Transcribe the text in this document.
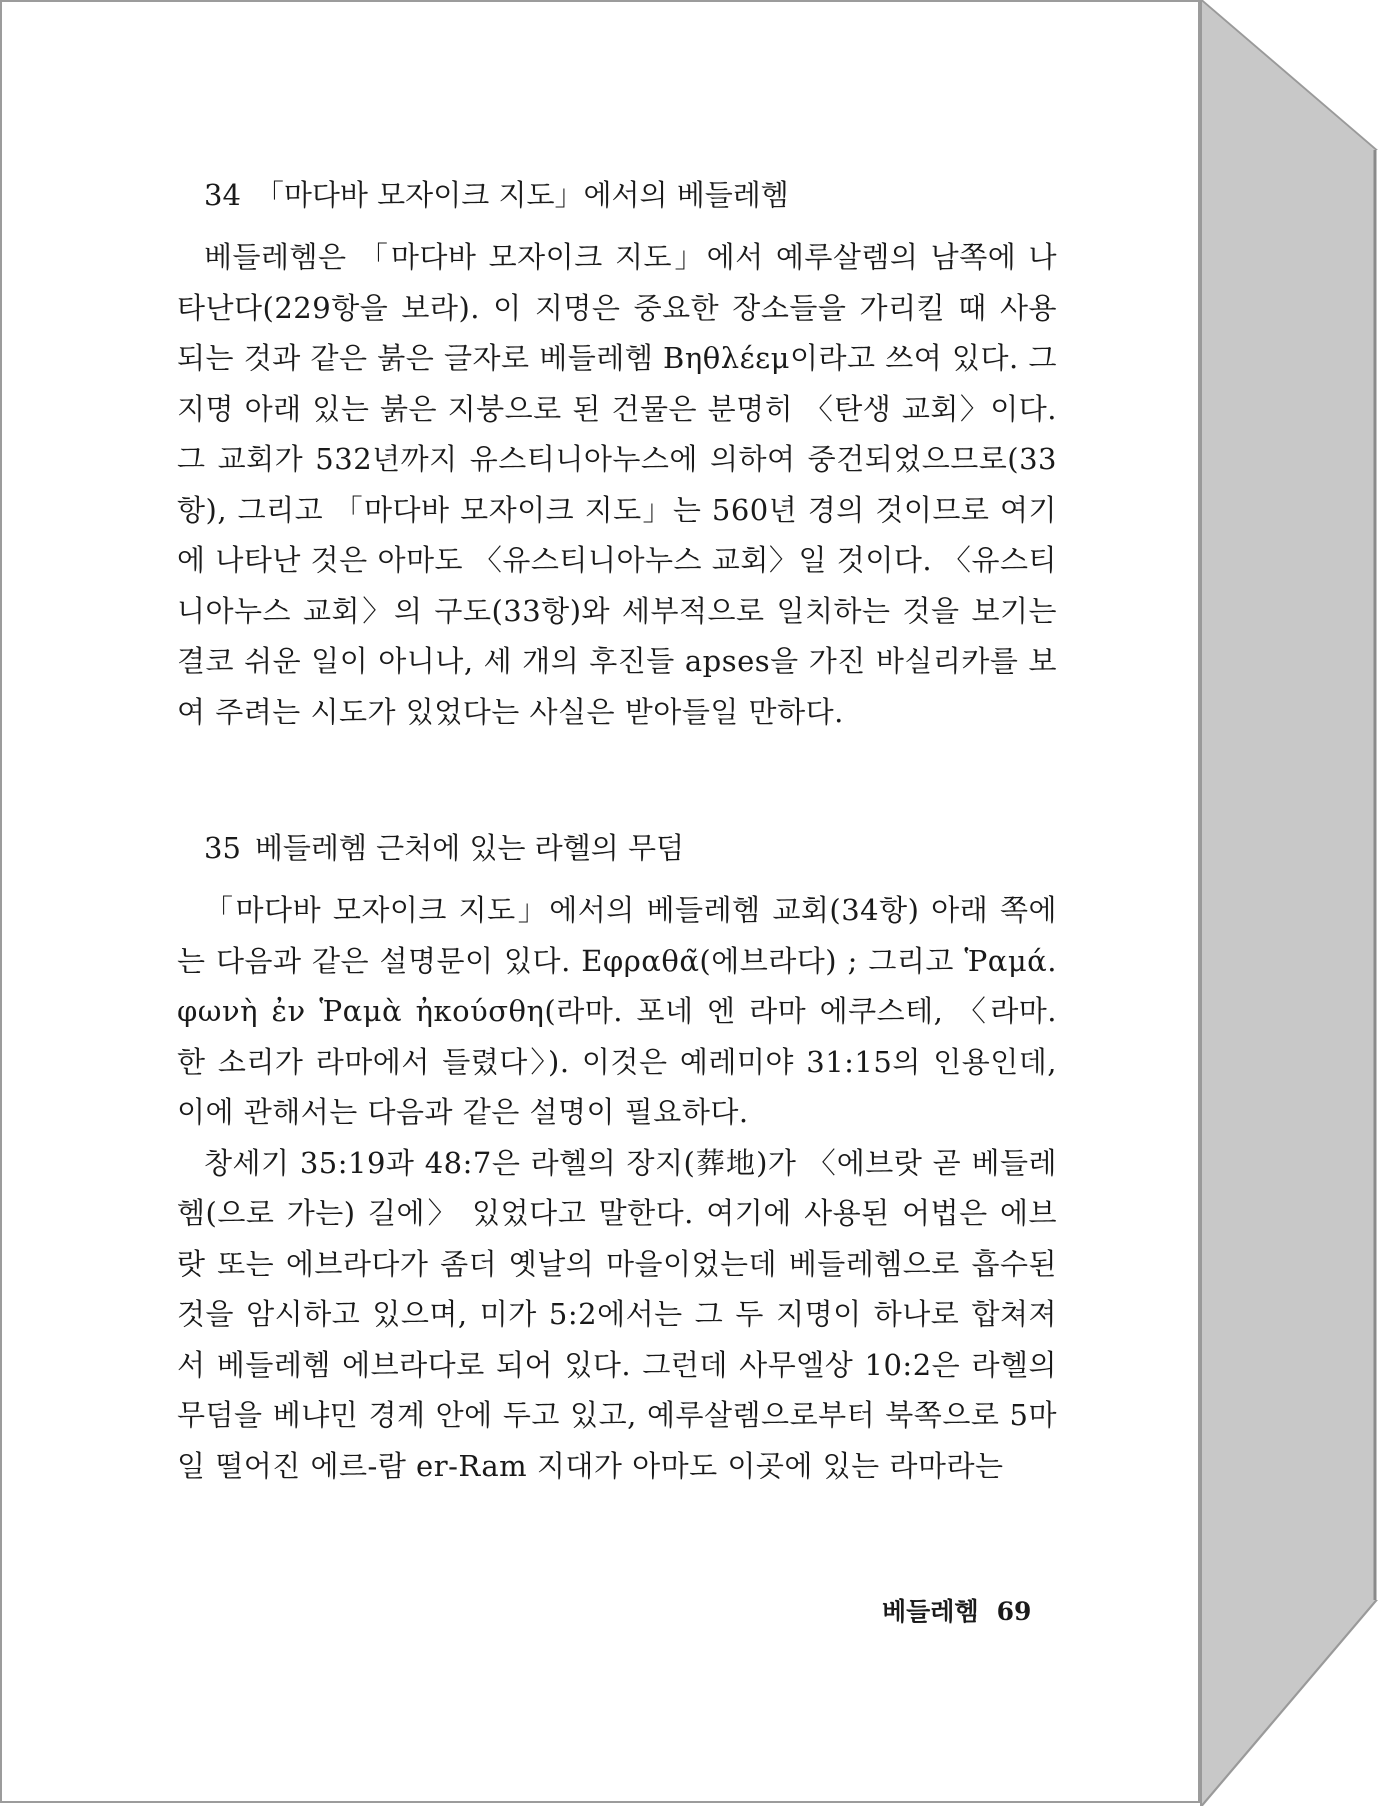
34 「마다바 모자이크 지도」에서의 베들레헴

베들레헴은 「마다바 모자이크 지도」에서 예루살렘의 남쪽에 나타난다(229항을 보라). 이 지명은 중요한 장소들을 가리킬 때 사용되는 것과 같은 붉은 글자로 베들레헴 Βηθλέεμ이라고 쓰여 있다. 그 지명 아래 있는 붉은 지붕으로 된 건물은 분명히 〈탄생 교회〉이다. 그 교회가 532년까지 유스티니아누스에 의하여 중건되었으므로(33항), 그리고 「마다바 모자이크 지도」는 560년 경의 것이므로 여기에 나타난 것은 아마도 〈유스티니아누스 교회〉일 것이다. 〈유스티니아누스 교회〉의 구도(33항)와 세부적으로 일치하는 것을 보기는 결코 쉬운 일이 아니나, 세 개의 후진들 apses을 가진 바실리카를 보여 주려는 시도가 있었다는 사실은 받아들일 만하다.

35 베들레헴 근처에 있는 라헬의 무덤

「마다바 모자이크 지도」에서의 베들레헴 교회(34항) 아래 쪽에는 다음과 같은 설명문이 있다. Εφραθα̃(에브라다) ; 그리고 Ῥαμά. φωνὴ ἐν Ῥαμὰ ἠκούσθη(라마. 포네 엔 라마 에쿠스테, 〈라마. 한 소리가 라마에서 들렸다〉). 이것은 예레미야 31:15의 인용인데, 이에 관해서는 다음과 같은 설명이 필요하다.

창세기 35:19과 48:7은 라헬의 장지(葬地)가 〈에브랏 곧 베들레헴(으로 가는) 길에〉 있었다고 말한다. 여기에 사용된 어법은 에브랏 또는 에브라다가 좀더 옛날의 마을이었는데 베들레헴으로 흡수된 것을 암시하고 있으며, 미가 5:2에서는 그 두 지명이 하나로 합쳐져서 베들레헴 에브라다로 되어 있다. 그런데 사무엘상 10:2은 라헬의 무덤을 베냐민 경계 안에 두고 있고, 예루살렘으로부터 북쪽으로 5마일 떨어진 에르-람 er-Ram 지대가 아마도 이곳에 있는 라마라는

베들레헴 69
